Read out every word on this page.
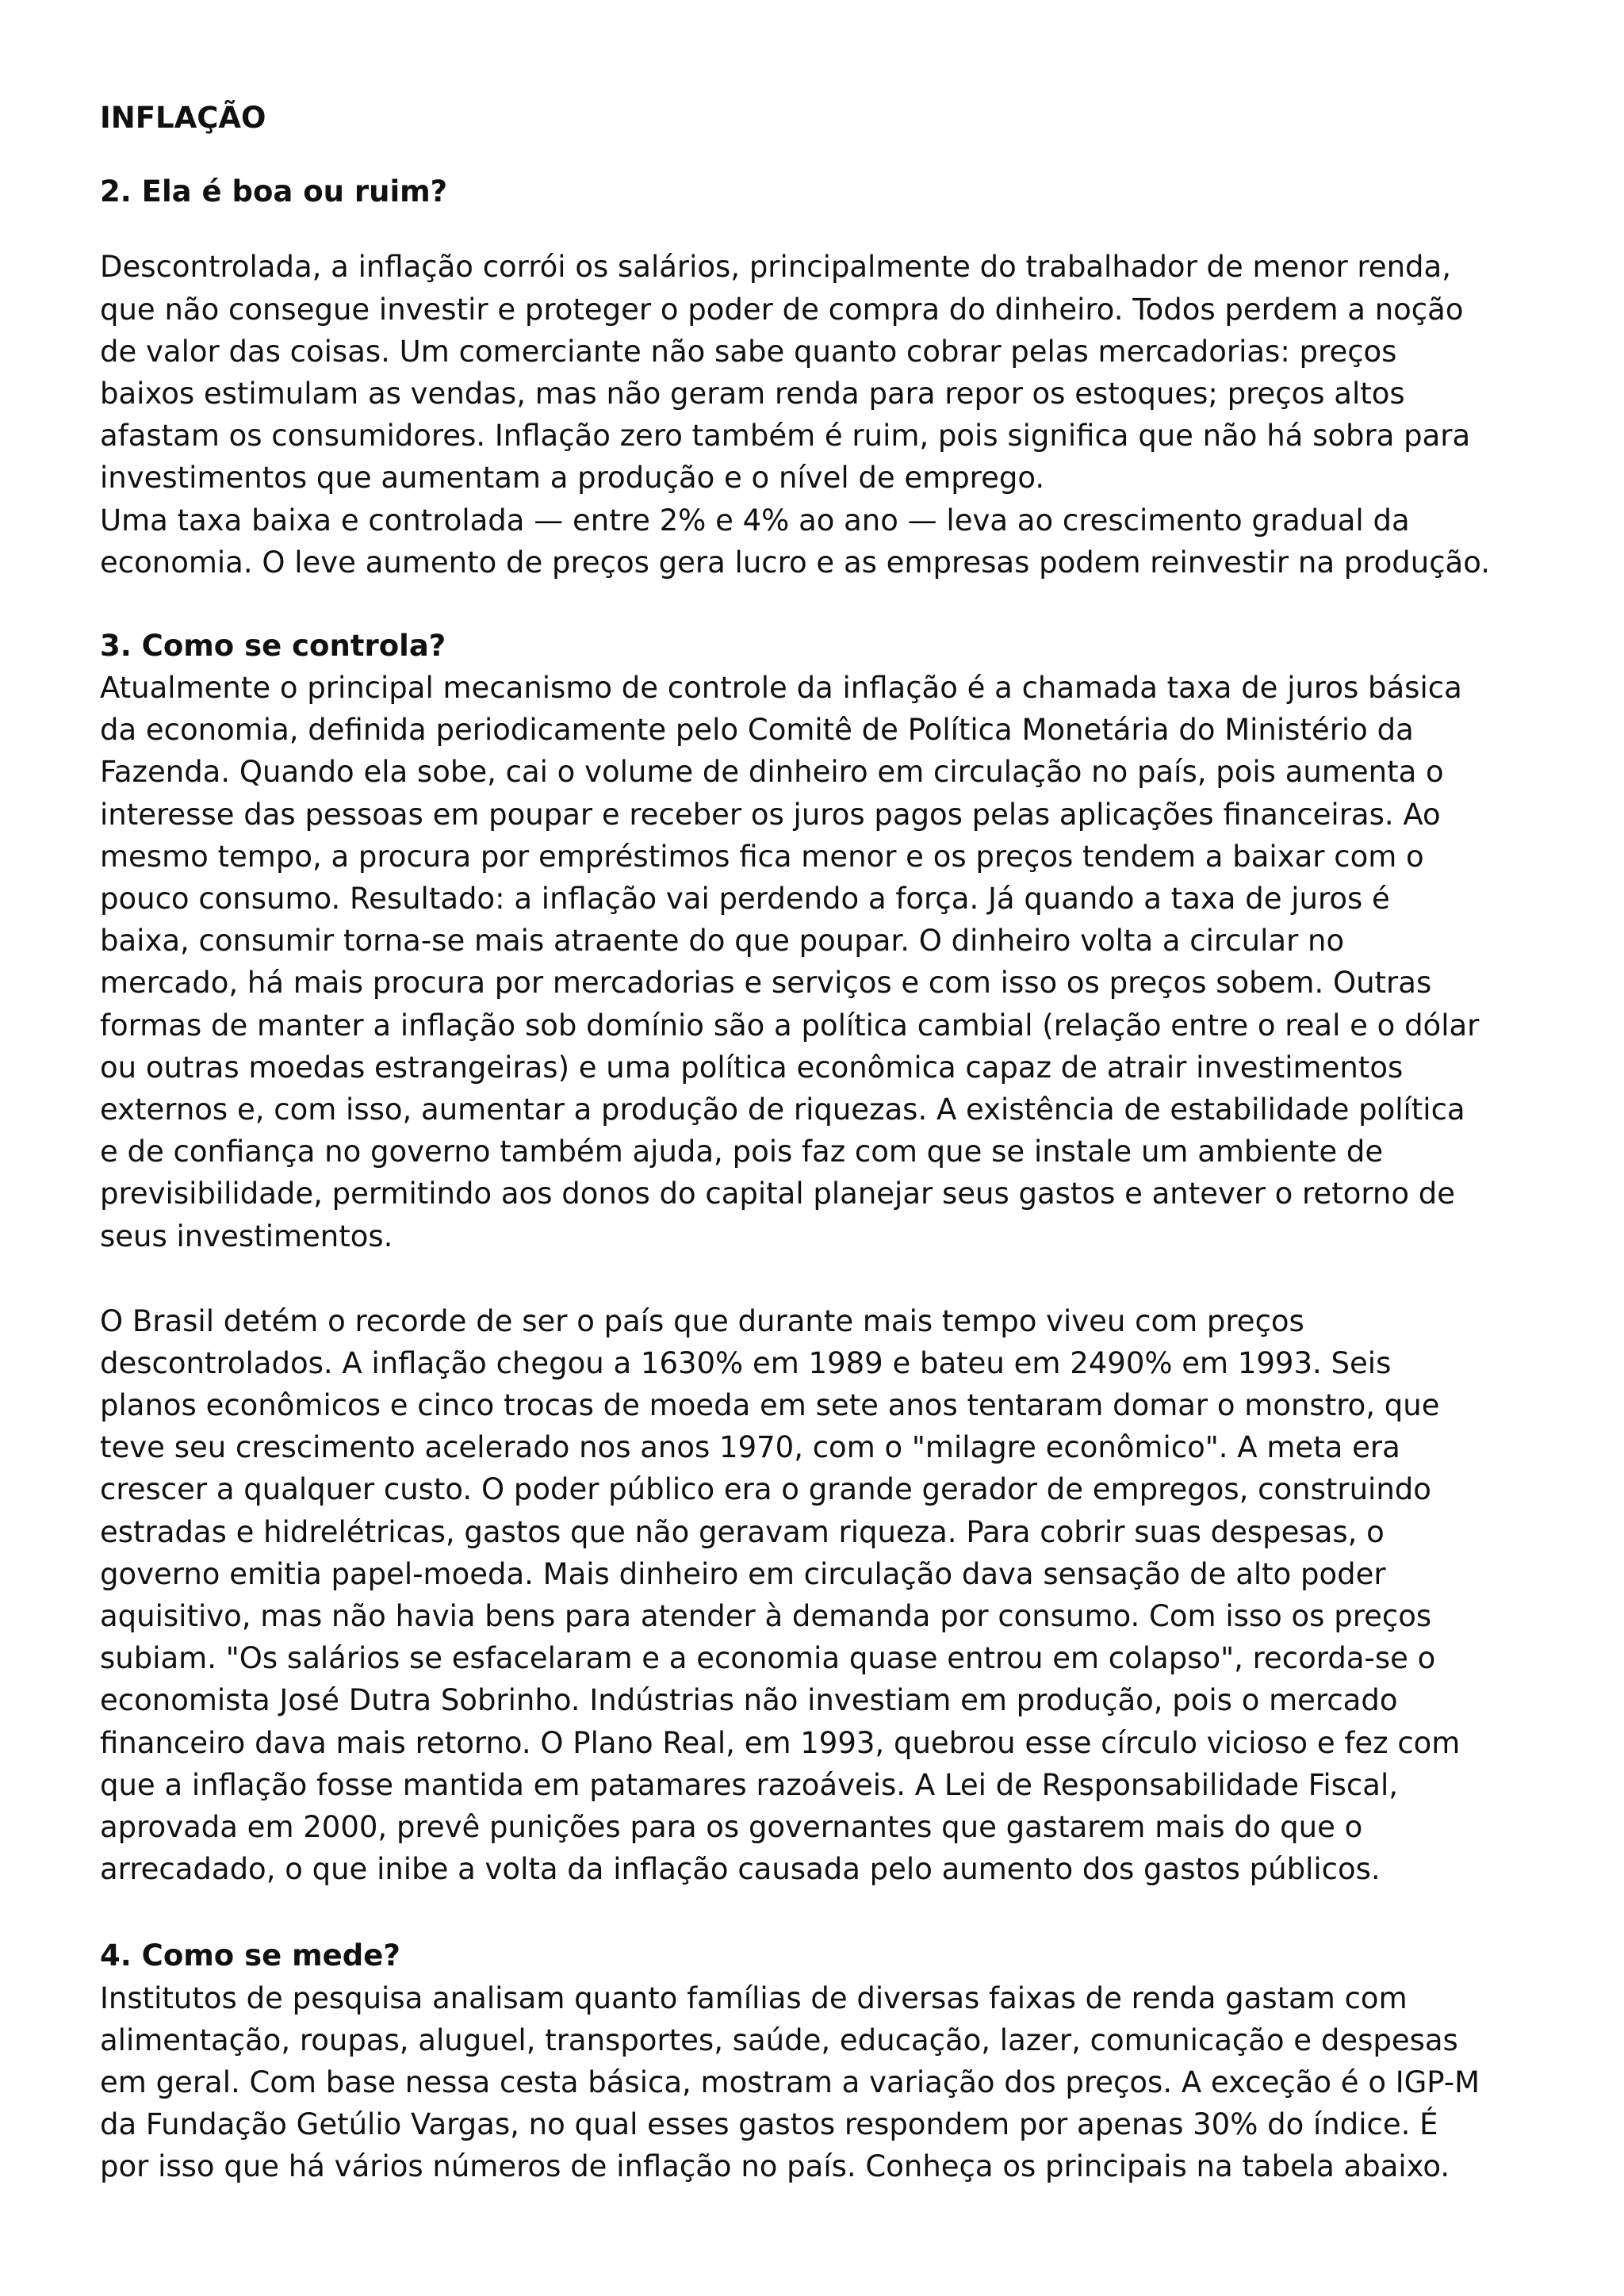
INFLAÇÃO
2. Ela é boa ou ruim?
Descontrolada, a inflação corrói os salários, principalmente do trabalhador de menor renda,
que não consegue investir e proteger o poder de compra do dinheiro. Todos perdem a noção
de valor das coisas. Um comerciante não sabe quanto cobrar pelas mercadorias: preços
baixos estimulam as vendas, mas não geram renda para repor os estoques; preços altos
afastam os consumidores. Inflação zero também é ruim, pois significa que não há sobra para
investimentos que aumentam a produção e o nível de emprego.
Uma taxa baixa e controlada — entre 2% e 4% ao ano — leva ao crescimento gradual da
economia. O leve aumento de preços gera lucro e as empresas podem reinvestir na produção.
3. Como se controla?
Atualmente o principal mecanismo de controle da inflação é a chamada taxa de juros básica
da economia, definida periodicamente pelo Comitê de Política Monetária do Ministério da
Fazenda. Quando ela sobe, cai o volume de dinheiro em circulação no país, pois aumenta o
interesse das pessoas em poupar e receber os juros pagos pelas aplicações financeiras. Ao
mesmo tempo, a procura por empréstimos fica menor e os preços tendem a baixar com o
pouco consumo. Resultado: a inflação vai perdendo a força. Já quando a taxa de juros é
baixa, consumir torna-se mais atraente do que poupar. O dinheiro volta a circular no
mercado, há mais procura por mercadorias e serviços e com isso os preços sobem. Outras
formas de manter a inflação sob domínio são a política cambial (relação entre o real e o dólar
ou outras moedas estrangeiras) e uma política econômica capaz de atrair investimentos
externos e, com isso, aumentar a produção de riquezas. A existência de estabilidade política
e de confiança no governo também ajuda, pois faz com que se instale um ambiente de
previsibilidade, permitindo aos donos do capital planejar seus gastos e antever o retorno de
seus investimentos.
O Brasil detém o recorde de ser o país que durante mais tempo viveu com preços
descontrolados. A inflação chegou a 1630% em 1989 e bateu em 2490% em 1993. Seis
planos econômicos e cinco trocas de moeda em sete anos tentaram domar o monstro, que
teve seu crescimento acelerado nos anos 1970, com o "milagre econômico". A meta era
crescer a qualquer custo. O poder público era o grande gerador de empregos, construindo
estradas e hidrelétricas, gastos que não geravam riqueza. Para cobrir suas despesas, o
governo emitia papel-moeda. Mais dinheiro em circulação dava sensação de alto poder
aquisitivo, mas não havia bens para atender à demanda por consumo. Com isso os preços
subiam. "Os salários se esfacelaram e a economia quase entrou em colapso", recorda-se o
economista José Dutra Sobrinho. Indústrias não investiam em produção, pois o mercado
financeiro dava mais retorno. O Plano Real, em 1993, quebrou esse círculo vicioso e fez com
que a inflação fosse mantida em patamares razoáveis. A Lei de Responsabilidade Fiscal,
aprovada em 2000, prevê punições para os governantes que gastarem mais do que o
arrecadado, o que inibe a volta da inflação causada pelo aumento dos gastos públicos.
4. Como se mede?
Institutos de pesquisa analisam quanto famílias de diversas faixas de renda gastam com
alimentação, roupas, aluguel, transportes, saúde, educação, lazer, comunicação e despesas
em geral. Com base nessa cesta básica, mostram a variação dos preços. A exceção é o IGP-M
da Fundação Getúlio Vargas, no qual esses gastos respondem por apenas 30% do índice. É
por isso que há vários números de inflação no país. Conheça os principais na tabela abaixo.
